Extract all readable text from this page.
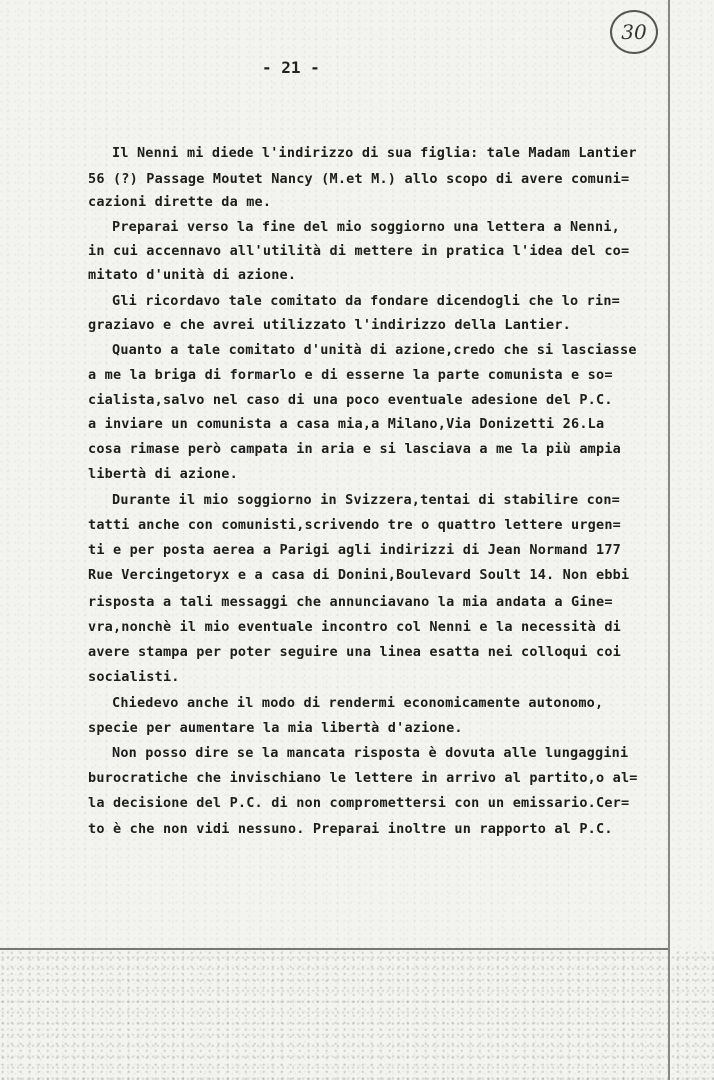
30
- 21 -
Il Nenni mi diede l'indirizzo di sua figlia: tale Madam Lantier
56 (?) Passage Moutet Nancy (M.et M.) allo scopo di avere comuni=
cazioni dirette da me.
Preparai verso la fine del mio soggiorno una lettera a Nenni,
in cui accennavo all'utilità di mettere in pratica l'idea del co=
mitato d'unità di azione.
Gli ricordavo tale comitato da fondare dicendogli che lo rin=
graziavo e che avrei utilizzato l'indirizzo della Lantier.
Quanto a tale comitato d'unità di azione,credo che si lasciasse
a me la briga di formarlo e di esserne la parte comunista e so=
cialista,salvo nel caso di una poco eventuale adesione del P.C.
a inviare un comunista a casa mia,a Milano,Via Donizetti 26.La
cosa rimase però campata in aria e si lasciava a me la più ampia
libertà di azione.
Durante il mio soggiorno in Svizzera,tentai di stabilire con=
tatti anche con comunisti,scrivendo tre o quattro lettere urgen=
ti e per posta aerea a Parigi agli indirizzi di Jean Normand 177
Rue Vercingetoryx e a casa di Donini,Boulevard Soult 14. Non ebbi
risposta a tali messaggi che annunciavano la mia andata a Gine=
vra,nonchè il mio eventuale incontro col Nenni e la necessità di
avere stampa per poter seguire una linea esatta nei colloqui coi
socialisti.
Chiedevo anche il modo di rendermi economicamente autonomo,
specie per aumentare la mia libertà d'azione.
Non posso dire se la mancata risposta è dovuta alle lungaggini
burocratiche che invischiano le lettere in arrivo al partito,o al=
la decisione del P.C. di non compromettersi con un emissario.Cer=
to è che non vidi nessuno. Preparai inoltre un rapporto al P.C.
